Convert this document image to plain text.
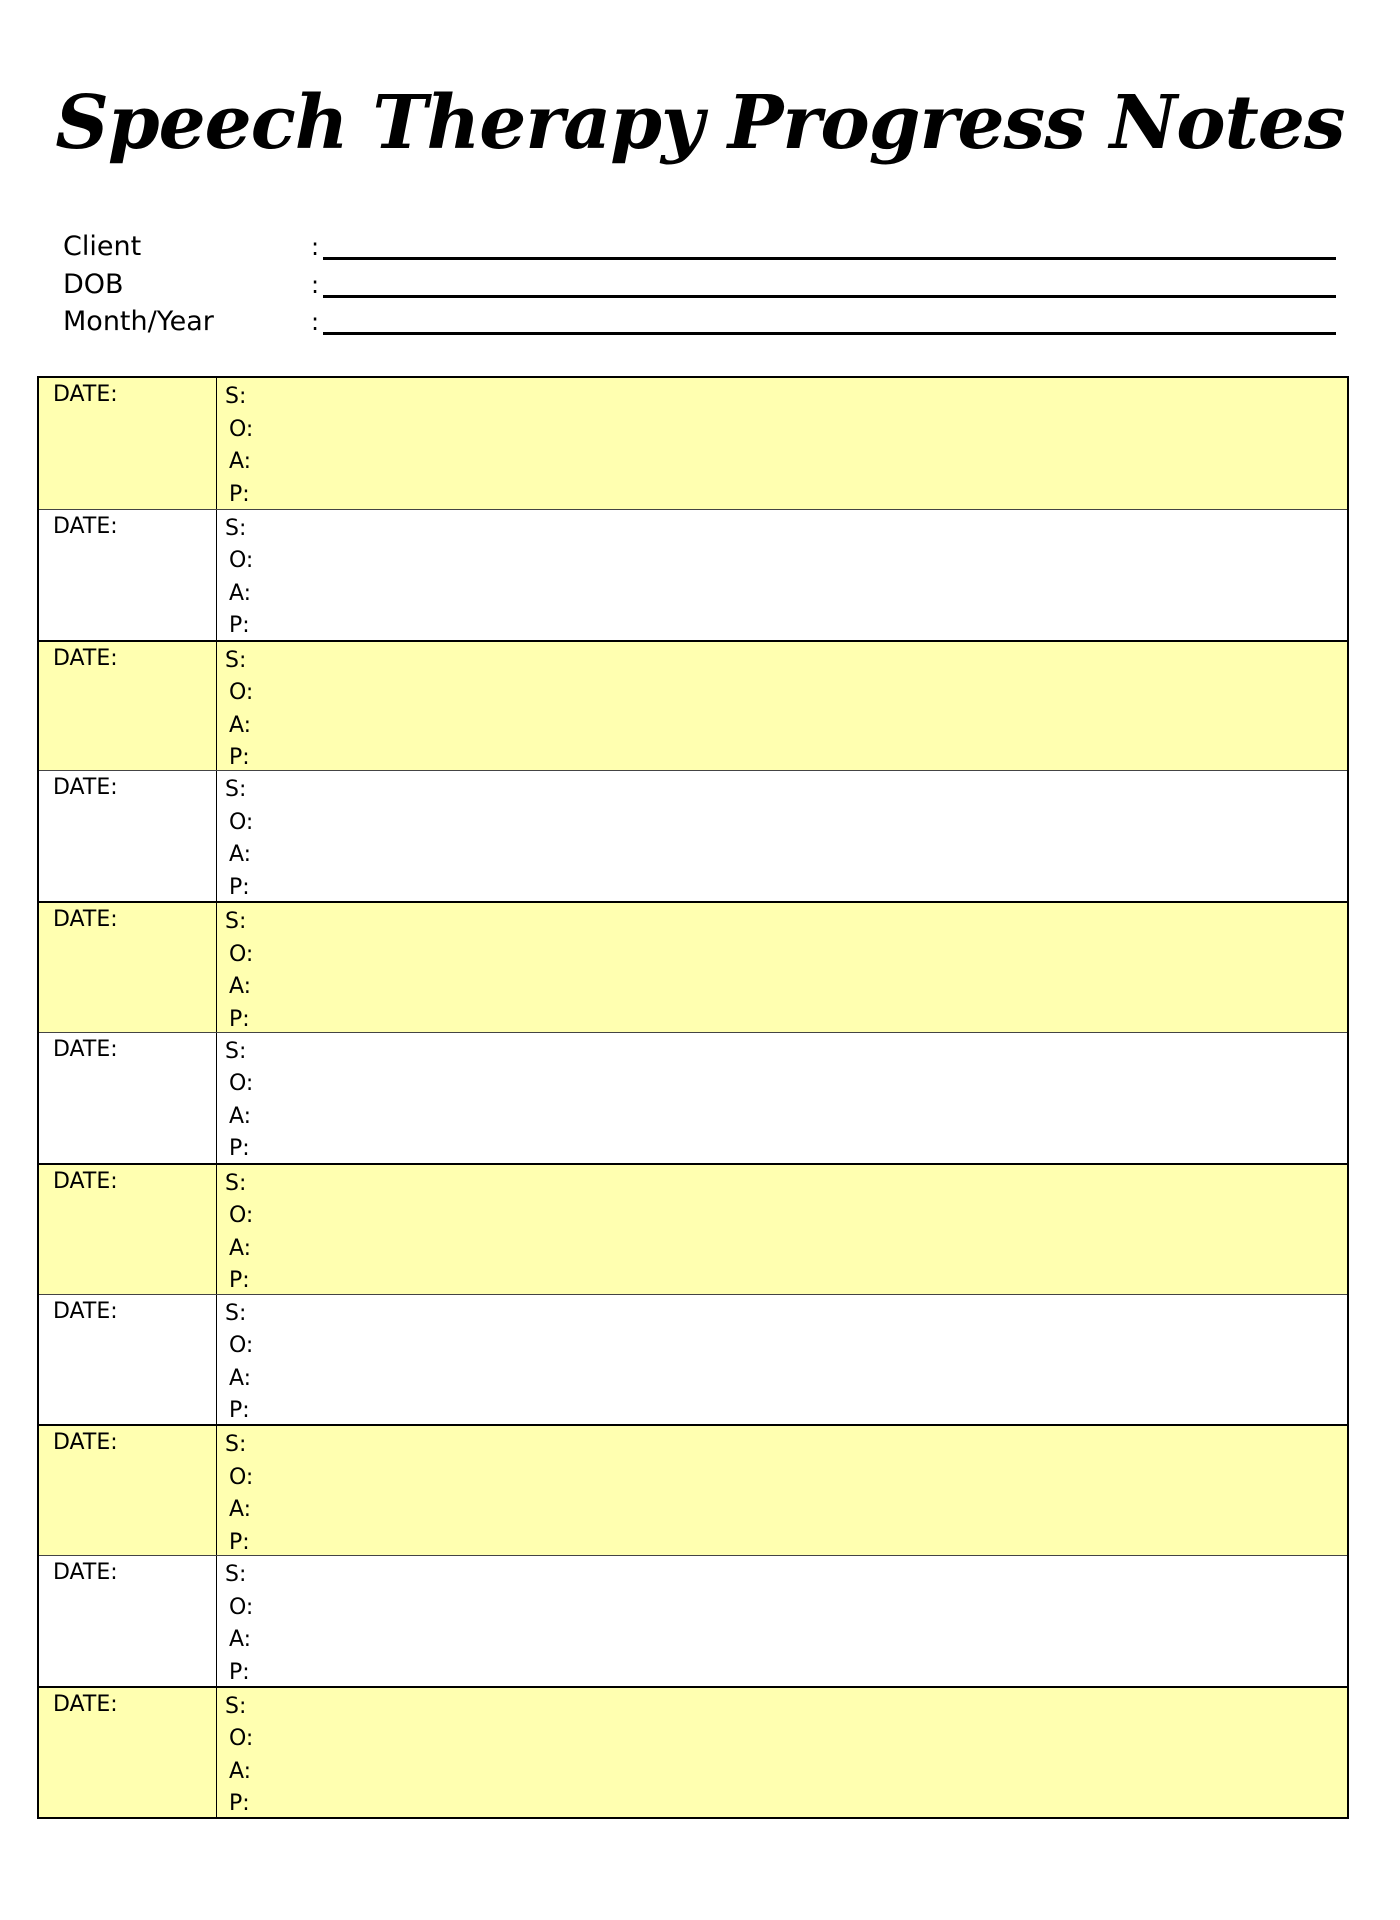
Speech Therapy Progress Notes
Client	:
DOB	:
Month/Year	:
DATE:	S:
O:
A:
P:
DATE:	S:
O:
A:
P:
DATE:	S:
O:
A:
P:
DATE:	S:
O:
A:
P:
DATE:	S:
O:
A:
P:
DATE:	S:
O:
A:
P:
DATE:	S:
O:
A:
P:
DATE:	S:
O:
A:
P:
DATE:	S:
O:
A:
P:
DATE:	S:
O:
A:
P:
DATE:	S:
O:
A:
P:
